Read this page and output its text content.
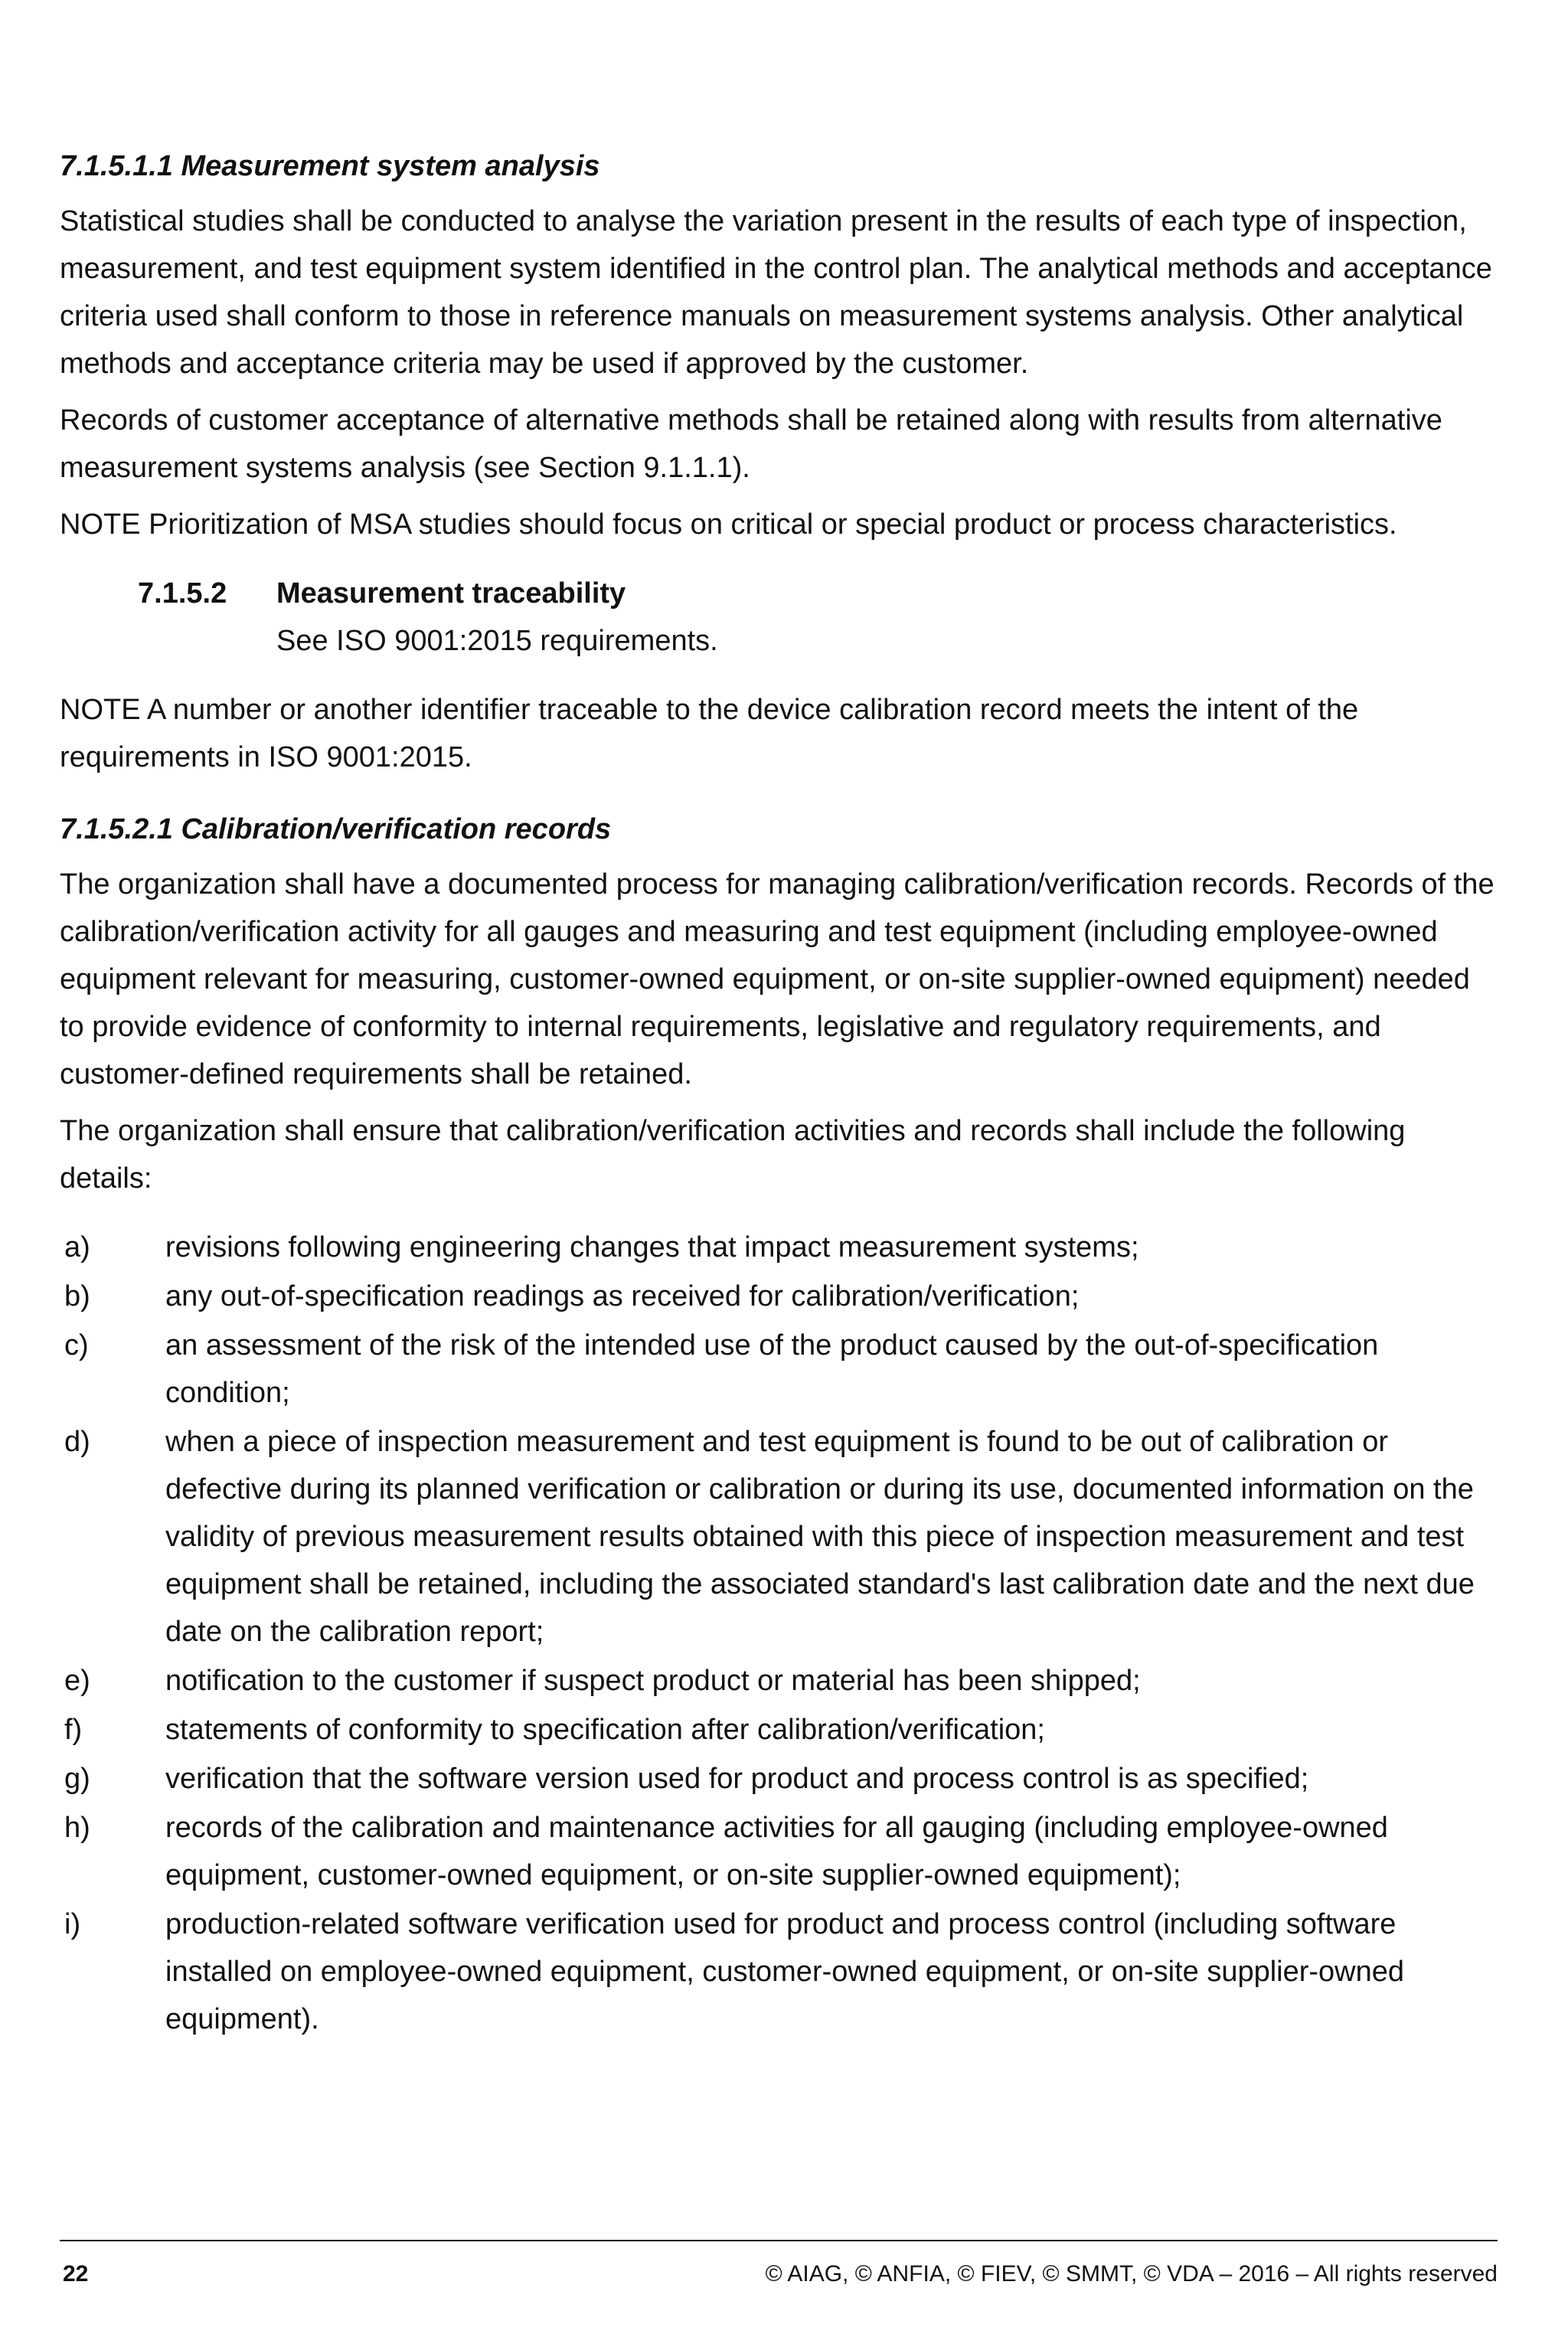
7.1.5.1.1 Measurement system analysis

Statistical studies shall be conducted to analyse the variation present in the results of each type of inspection, measurement, and test equipment system identified in the control plan. The analytical methods and acceptance criteria used shall conform to those in reference manuals on measurement systems analysis. Other analytical methods and acceptance criteria may be used if approved by the customer.

Records of customer acceptance of alternative methods shall be retained along with results from alternative measurement systems analysis (see Section 9.1.1.1).

NOTE Prioritization of MSA studies should focus on critical or special product or process characteristics.

7.1.5.2 Measurement traceability
See ISO 9001:2015 requirements.

NOTE A number or another identifier traceable to the device calibration record meets the intent of the requirements in ISO 9001:2015.

7.1.5.2.1 Calibration/verification records

The organization shall have a documented process for managing calibration/verification records. Records of the calibration/verification activity for all gauges and measuring and test equipment (including employee-owned equipment relevant for measuring, customer-owned equipment, or on-site supplier-owned equipment) needed to provide evidence of conformity to internal requirements, legislative and regulatory requirements, and customer-defined requirements shall be retained.

The organization shall ensure that calibration/verification activities and records shall include the following details:

a)	revisions following engineering changes that impact measurement systems;
b)	any out-of-specification readings as received for calibration/verification;
c)	an assessment of the risk of the intended use of the product caused by the out-of-specification condition;
d)	when a piece of inspection measurement and test equipment is found to be out of calibration or defective during its planned verification or calibration or during its use, documented information on the validity of previous measurement results obtained with this piece of inspection measurement and test equipment shall be retained, including the associated standard's last calibration date and the next due date on the calibration report;
e)	notification to the customer if suspect product or material has been shipped;
f)	statements of conformity to specification after calibration/verification;
g)	verification that the software version used for product and process control is as specified;
h)	records of the calibration and maintenance activities for all gauging (including employee-owned equipment, customer-owned equipment, or on-site supplier-owned equipment);
i)	production-related software verification used for product and process control (including software installed on employee-owned equipment, customer-owned equipment, or on-site supplier-owned equipment).
22	© AIAG, © ANFIA, © FIEV, © SMMT, © VDA – 2016 – All rights reserved
